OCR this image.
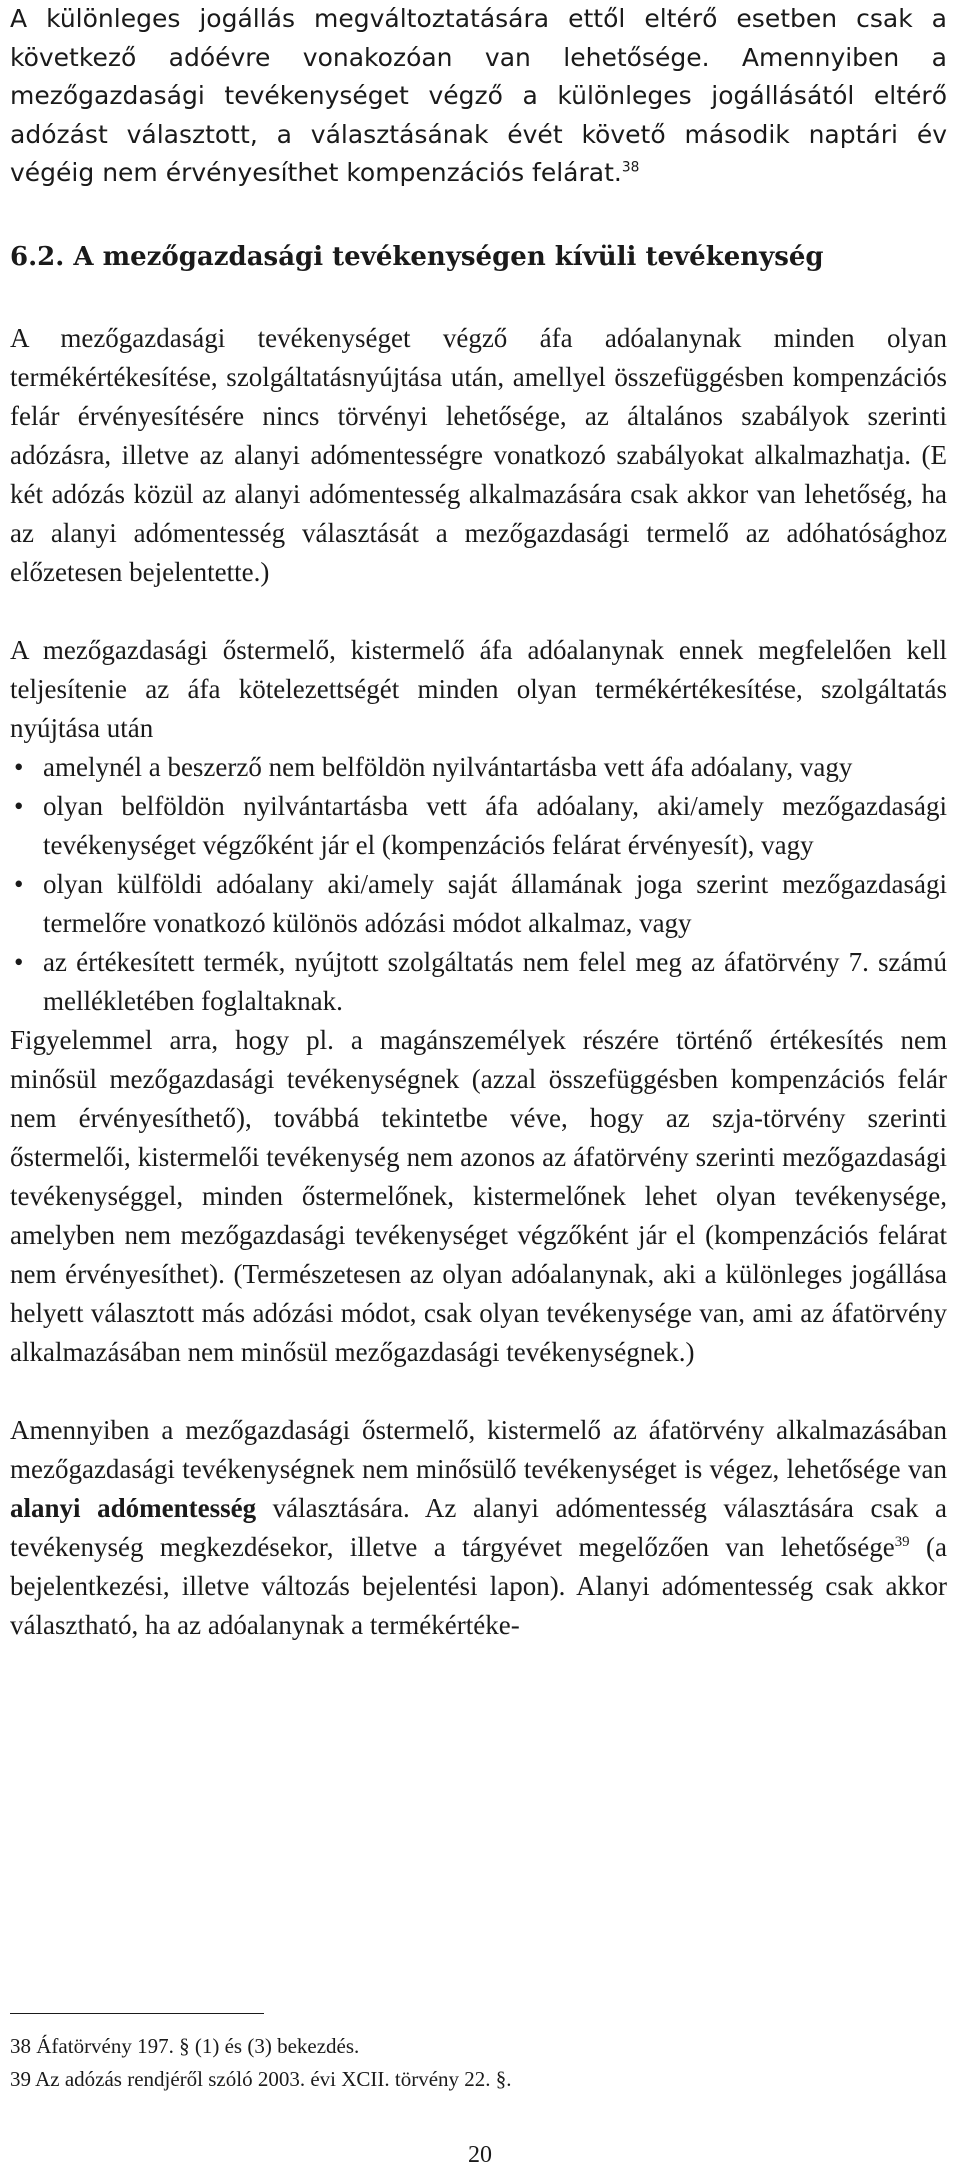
A különleges jogállás megváltoztatására ettől eltérő esetben csak a következő adóévre vonakozóan van lehetősége. Amennyiben a mezőgazdasági tevékenységet végző a különleges jogállásától eltérő adózást választott, a választásának évét követő második naptári év végéig nem érvényesíthet kompenzációs felárat.$^{38}$

6.2. A mezőgazdasági tevékenységen kívüli tevékenység

A mezőgazdasági tevékenységet végző áfa adóalanynak minden olyan termékértékesítése, szolgáltatásnyújtása után, amellyel összefüggésben kompenzációs felár érvényesítésére nincs törvényi lehetősége, az általános szabályok szerinti adózásra, illetve az alanyi adómentességre vonatkozó szabályokat alkalmazhatja. (E két adózás közül az alanyi adómentesség alkalmazására csak akkor van lehetőség, ha az alanyi adómentesség választását a mezőgazdasági termelő az adóhatósághoz előzetesen bejelentette.)

A mezőgazdasági őstermelő, kistermelő áfa adóalanynak ennek megfelelően kell teljesítenie az áfa kötelezettségét minden olyan termékértékesítése, szolgáltatás nyújtása után

• amelynél a beszerző nem belföldön nyilvántartásba vett áfa adóalany, vagy
• olyan belföldön nyilvántartásba vett áfa adóalany, aki/amely mezőgazdasági tevékenységet végzőként jár el (kompenzációs felárat érvényesít), vagy
• olyan külföldi adóalany aki/amely saját államának joga szerint mezőgazdasági termelőre vonatkozó különös adózási módot alkalmaz, vagy
• az értékesített termék, nyújtott szolgáltatás nem felel meg az áfatörvény 7. számú mellékletében foglaltaknak.

Figyelemmel arra, hogy pl. a magánszemélyek részére történő értékesítés nem minősül mezőgazdasági tevékenységnek (azzal összefüggésben kompenzációs felár nem érvényesíthető), továbbá tekintetbe véve, hogy az szja-törvény szerinti őstermelői, kistermelői tevékenység nem azonos az áfatörvény szerinti mezőgazdasági tevékenységgel, minden őstermelőnek, kistermelőnek lehet olyan tevékenysége, amelyben nem mezőgazdasági tevékenységet végzőként jár el (kompenzációs felárat nem érvényesíthet). (Természetesen az olyan adóalanynak, aki a különleges jogállása helyett választott más adózási módot, csak olyan tevékenysége van, ami az áfatörvény alkalmazásában nem minősül mezőgazdasági tevékenységnek.)

Amennyiben a mezőgazdasági őstermelő, kistermelő az áfatörvény alkalmazásában mezőgazdasági tevékenységnek nem minősülő tevékenységet is végez, lehetősége van alanyi adómentesség választására. Az alanyi adómentesség választására csak a tevékenység megkezdésekor, illetve a tárgyévet megelőzően van lehetősége$^{39}$ (a bejelentkezési, illetve változás bejelentési lapon). Alanyi adómentesség csak akkor választható, ha az adóalanynak a termékértéke-

38 Áfatörvény 197. § (1) és (3) bekezdés.
39 Az adózás rendjéről szóló 2003. évi XCII. törvény 22. §.
20
